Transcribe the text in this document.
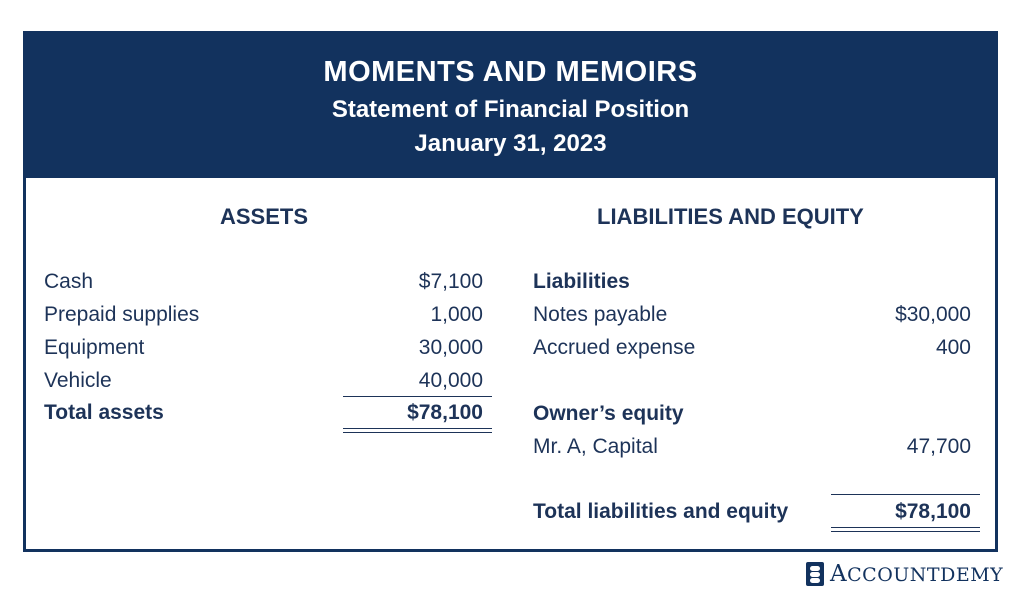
MOMENTS AND MEMOIRS
Statement of Financial Position
January 31, 2023
ASSETS
Cash	$7,100
Prepaid supplies	1,000
Equipment	30,000
Vehicle	40,000
Total assets	$78,100
LIABILITIES AND EQUITY
Liabilities
Notes payable	$30,000
Accrued expense	400
Owner’s equity
Mr. A, Capital	47,700
Total liabilities and equity	$78,100
ACCOUNTDEMY
